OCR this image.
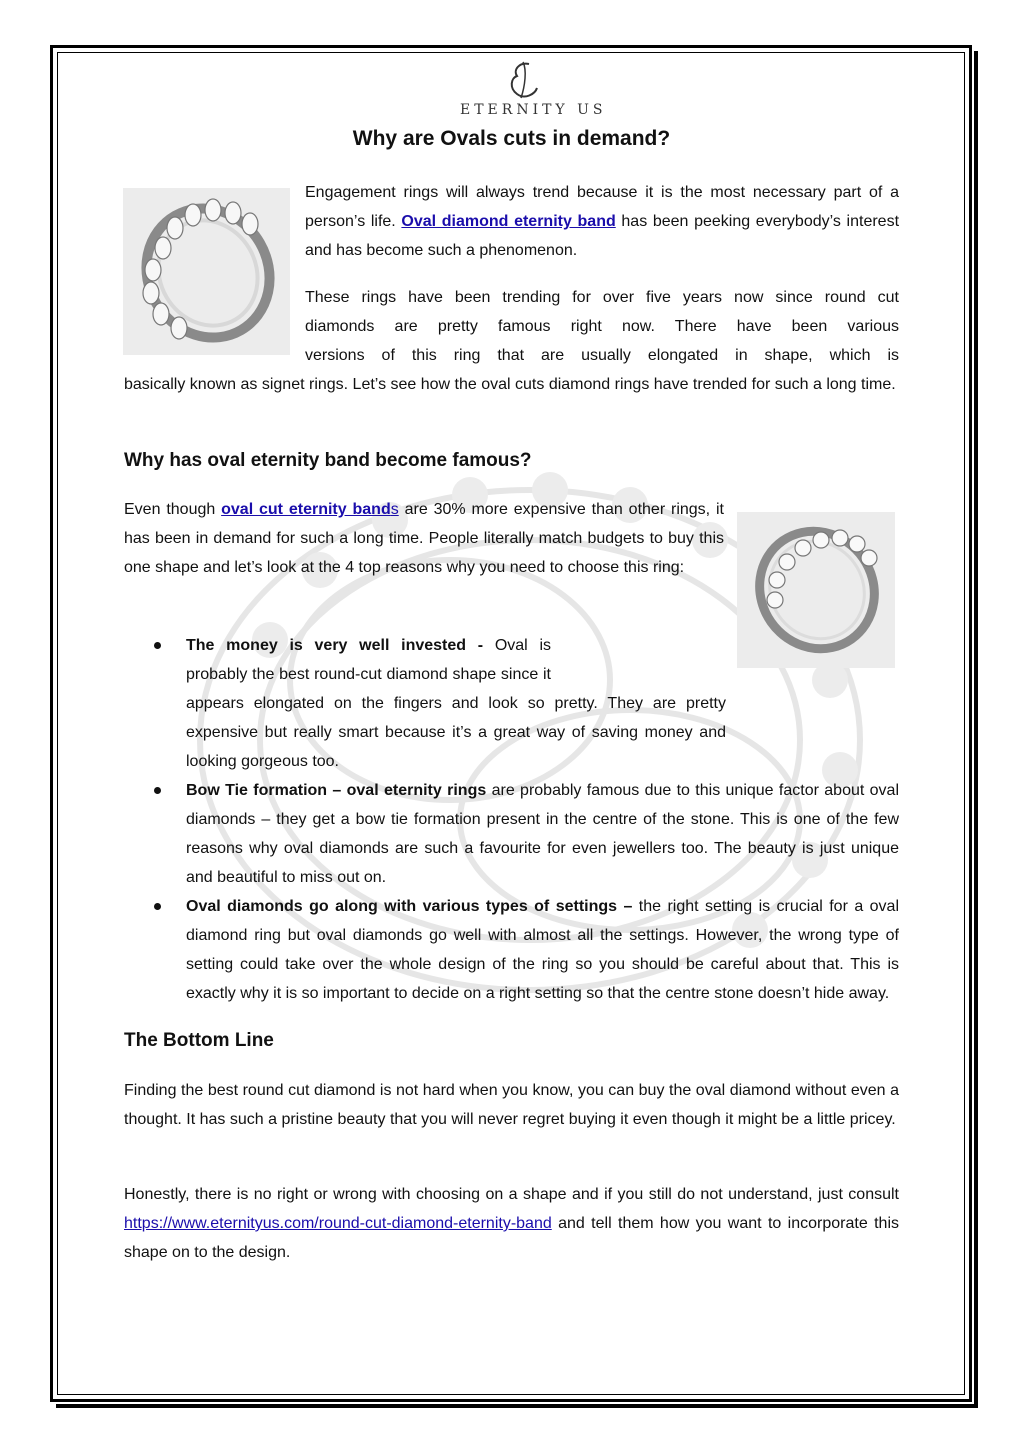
ETERNITY US
Why are Ovals cuts in demand?
Engagement rings will always trend because it is the most necessary part of a person’s life. Oval diamond eternity band has been peeking everybody’s interest and has become such a phenomenon.
These rings have been trending for over five years now since round cut
diamonds are pretty famous right now. There have been various
versions of this ring that are usually elongated in shape, which is
basically known as signet rings. Let’s see how the oval cuts diamond rings have trended for such a long time.
Why has oval eternity band become famous?
Even though oval cut eternity bands are 30% more expensive than other rings, it has been in demand for such a long time. People literally match budgets to buy this one shape and let’s look at the 4 top reasons why you need to choose this ring:
The money is very well invested - Oval is probably the best round-cut diamond shape since it appears elongated on the fingers and look so pretty. They are pretty expensive but really smart because it’s a great way of saving money and looking gorgeous too.
Bow Tie formation – oval eternity rings are probably famous due to this unique factor about oval diamonds – they get a bow tie formation present in the centre of the stone. This is one of the few reasons why oval diamonds are such a favourite for even jewellers too. The beauty is just unique and beautiful to miss out on.
Oval diamonds go along with various types of settings – the right setting is crucial for a oval diamond ring but oval diamonds go well with almost all the settings. However, the wrong type of setting could take over the whole design of the ring so you should be careful about that. This is exactly why it is so important to decide on a right setting so that the centre stone doesn’t hide away.
The Bottom Line
Finding the best round cut diamond is not hard when you know, you can buy the oval diamond without even a thought. It has such a pristine beauty that you will never regret buying it even though it might be a little pricey.
Honestly, there is no right or wrong with choosing on a shape and if you still do not understand, just consult https://www.eternityus.com/round-cut-diamond-eternity-band and tell them how you want to incorporate this shape on to the design.
